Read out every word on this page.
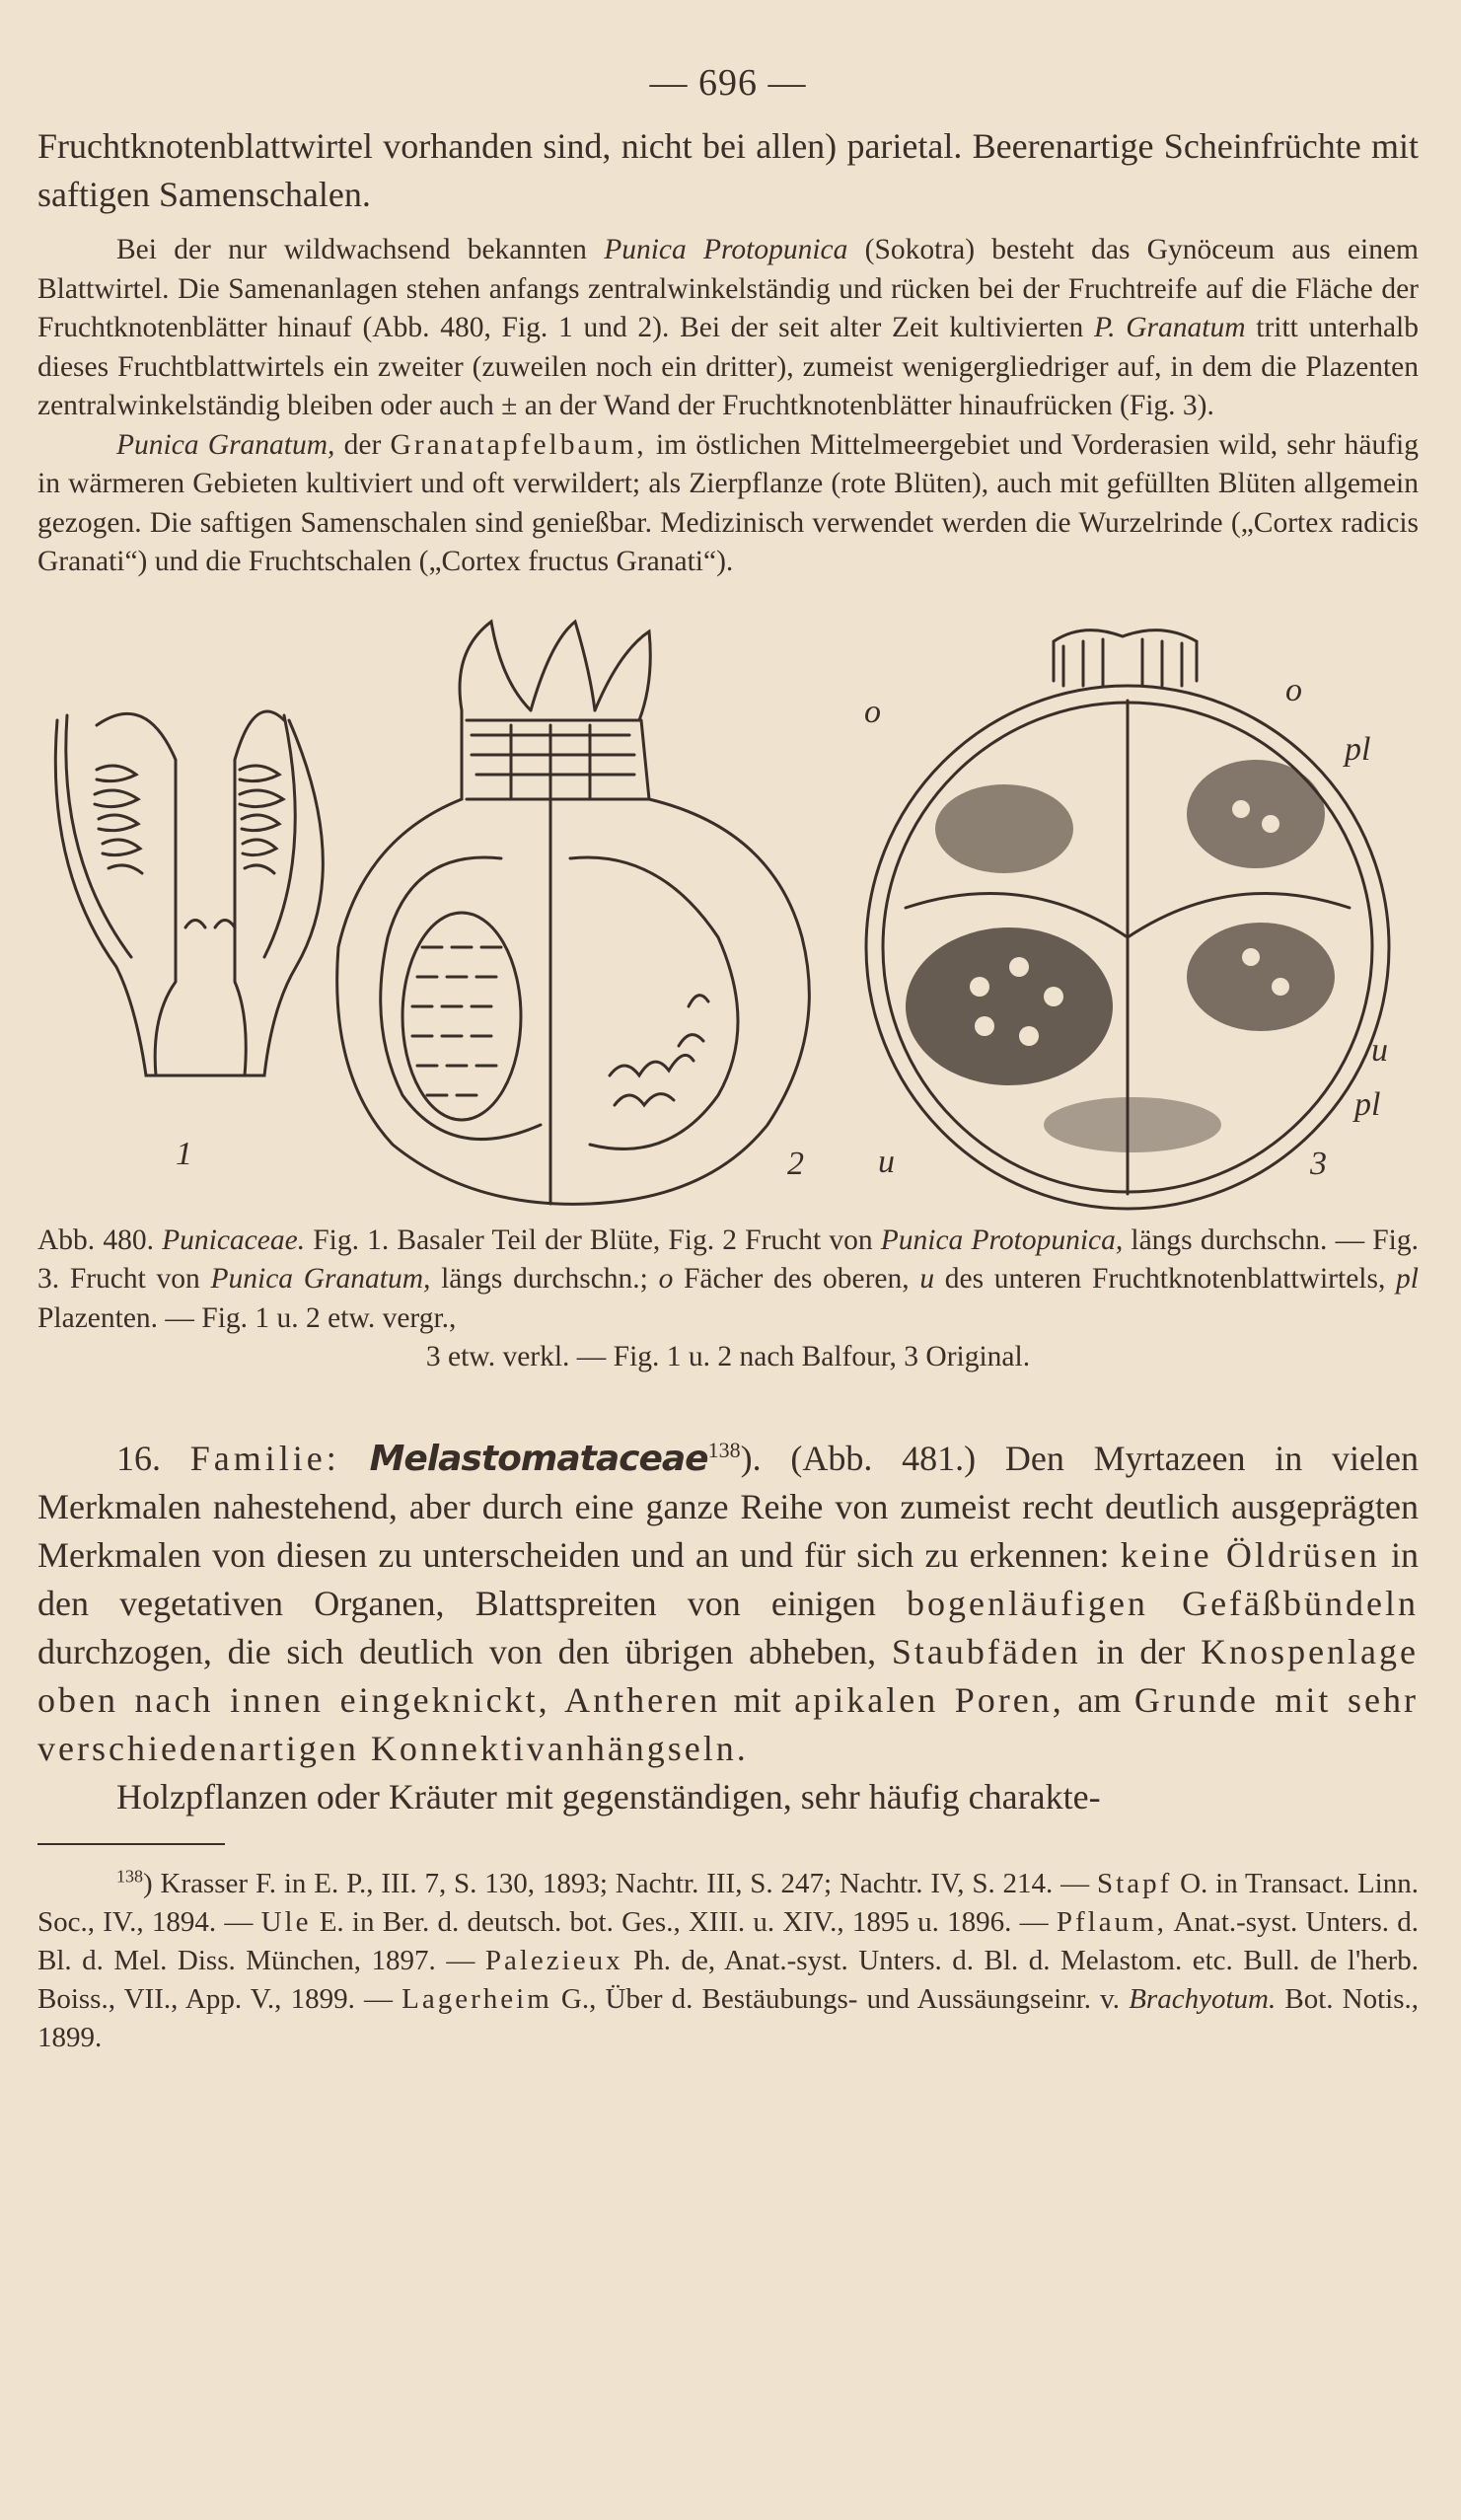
— 696 —

Fruchtknotenblattwirtel vorhanden sind, nicht bei allen) parietal. Beerenartige Scheinfrüchte mit saftigen Samenschalen.

Bei der nur wildwachsend bekannten Punica Protopunica (Sokotra) besteht das Gynöceum aus einem Blattwirtel. Die Samenanlagen stehen anfangs zentralwinkelständig und rücken bei der Fruchtreife auf die Fläche der Fruchtknotenblätter hinauf (Abb. 480, Fig. 1 und 2). Bei der seit alter Zeit kultivierten P. Granatum tritt unterhalb dieses Fruchtblattwirtels ein zweiter (zuweilen noch ein dritter), zumeist wenigergliedriger auf, in dem die Plazenten zentralwinkelständig bleiben oder auch ± an der Wand der Fruchtknotenblätter hinaufrücken (Fig. 3).

Punica Granatum, der Granatapfelbaum, im östlichen Mittelmeergebiet und Vorderasien wild, sehr häufig in wärmeren Gebieten kultiviert und oft verwildert; als Zierpflanze (rote Blüten), auch mit gefüllten Blüten allgemein gezogen. Die saftigen Samenschalen sind genießbar. Medizinisch verwendet werden die Wurzelrinde („Cortex radicis Granati“) und die Fruchtschalen („Cortex fructus Granati“).

1	2	3
o
o
pl
pl
u
u

Abb. 480. Punicaceae. Fig. 1. Basaler Teil der Blüte, Fig. 2 Frucht von Punica Protopunica, längs durchschn. — Fig. 3. Frucht von Punica Granatum, längs durchschn.; o Fächer des oberen, u des unteren Fruchtknotenblattwirtels, pl Plazenten. — Fig. 1 u. 2 etw. vergr.,
3 etw. verkl. — Fig. 1 u. 2 nach Balfour, 3 Original.

16. Familie: Melastomataceae$^{138}$). (Abb. 481.) Den Myrtazeen in vielen Merkmalen nahestehend, aber durch eine ganze Reihe von zumeist recht deutlich ausgeprägten Merkmalen von diesen zu unterscheiden und an und für sich zu erkennen: keine Öldrüsen in den vegetativen Organen, Blattspreiten von einigen bogenläufigen Gefäßbündeln durchzogen, die sich deutlich von den übrigen abheben, Staubfäden in der Knospenlage oben nach innen eingeknickt, Antheren mit apikalen Poren, am Grunde mit sehr verschiedenartigen Konnektivanhängseln.

Holzpflanzen oder Kräuter mit gegenständigen, sehr häufig charakte-

$^{138}$) Krasser F. in E. P., III. 7, S. 130, 1893; Nachtr. III, S. 247; Nachtr. IV, S. 214. — Stapf O. in Transact. Linn. Soc., IV., 1894. — Ule E. in Ber. d. deutsch. bot. Ges., XIII. u. XIV., 1895 u. 1896. — Pflaum, Anat.-syst. Unters. d. Bl. d. Mel. Diss. München, 1897. — Palezieux Ph. de, Anat.-syst. Unters. d. Bl. d. Melastom. etc. Bull. de l'herb. Boiss., VII., App. V., 1899. — Lagerheim G., Über d. Bestäubungs- und Aussäungseinr. v. Brachyotum. Bot. Notis., 1899.
